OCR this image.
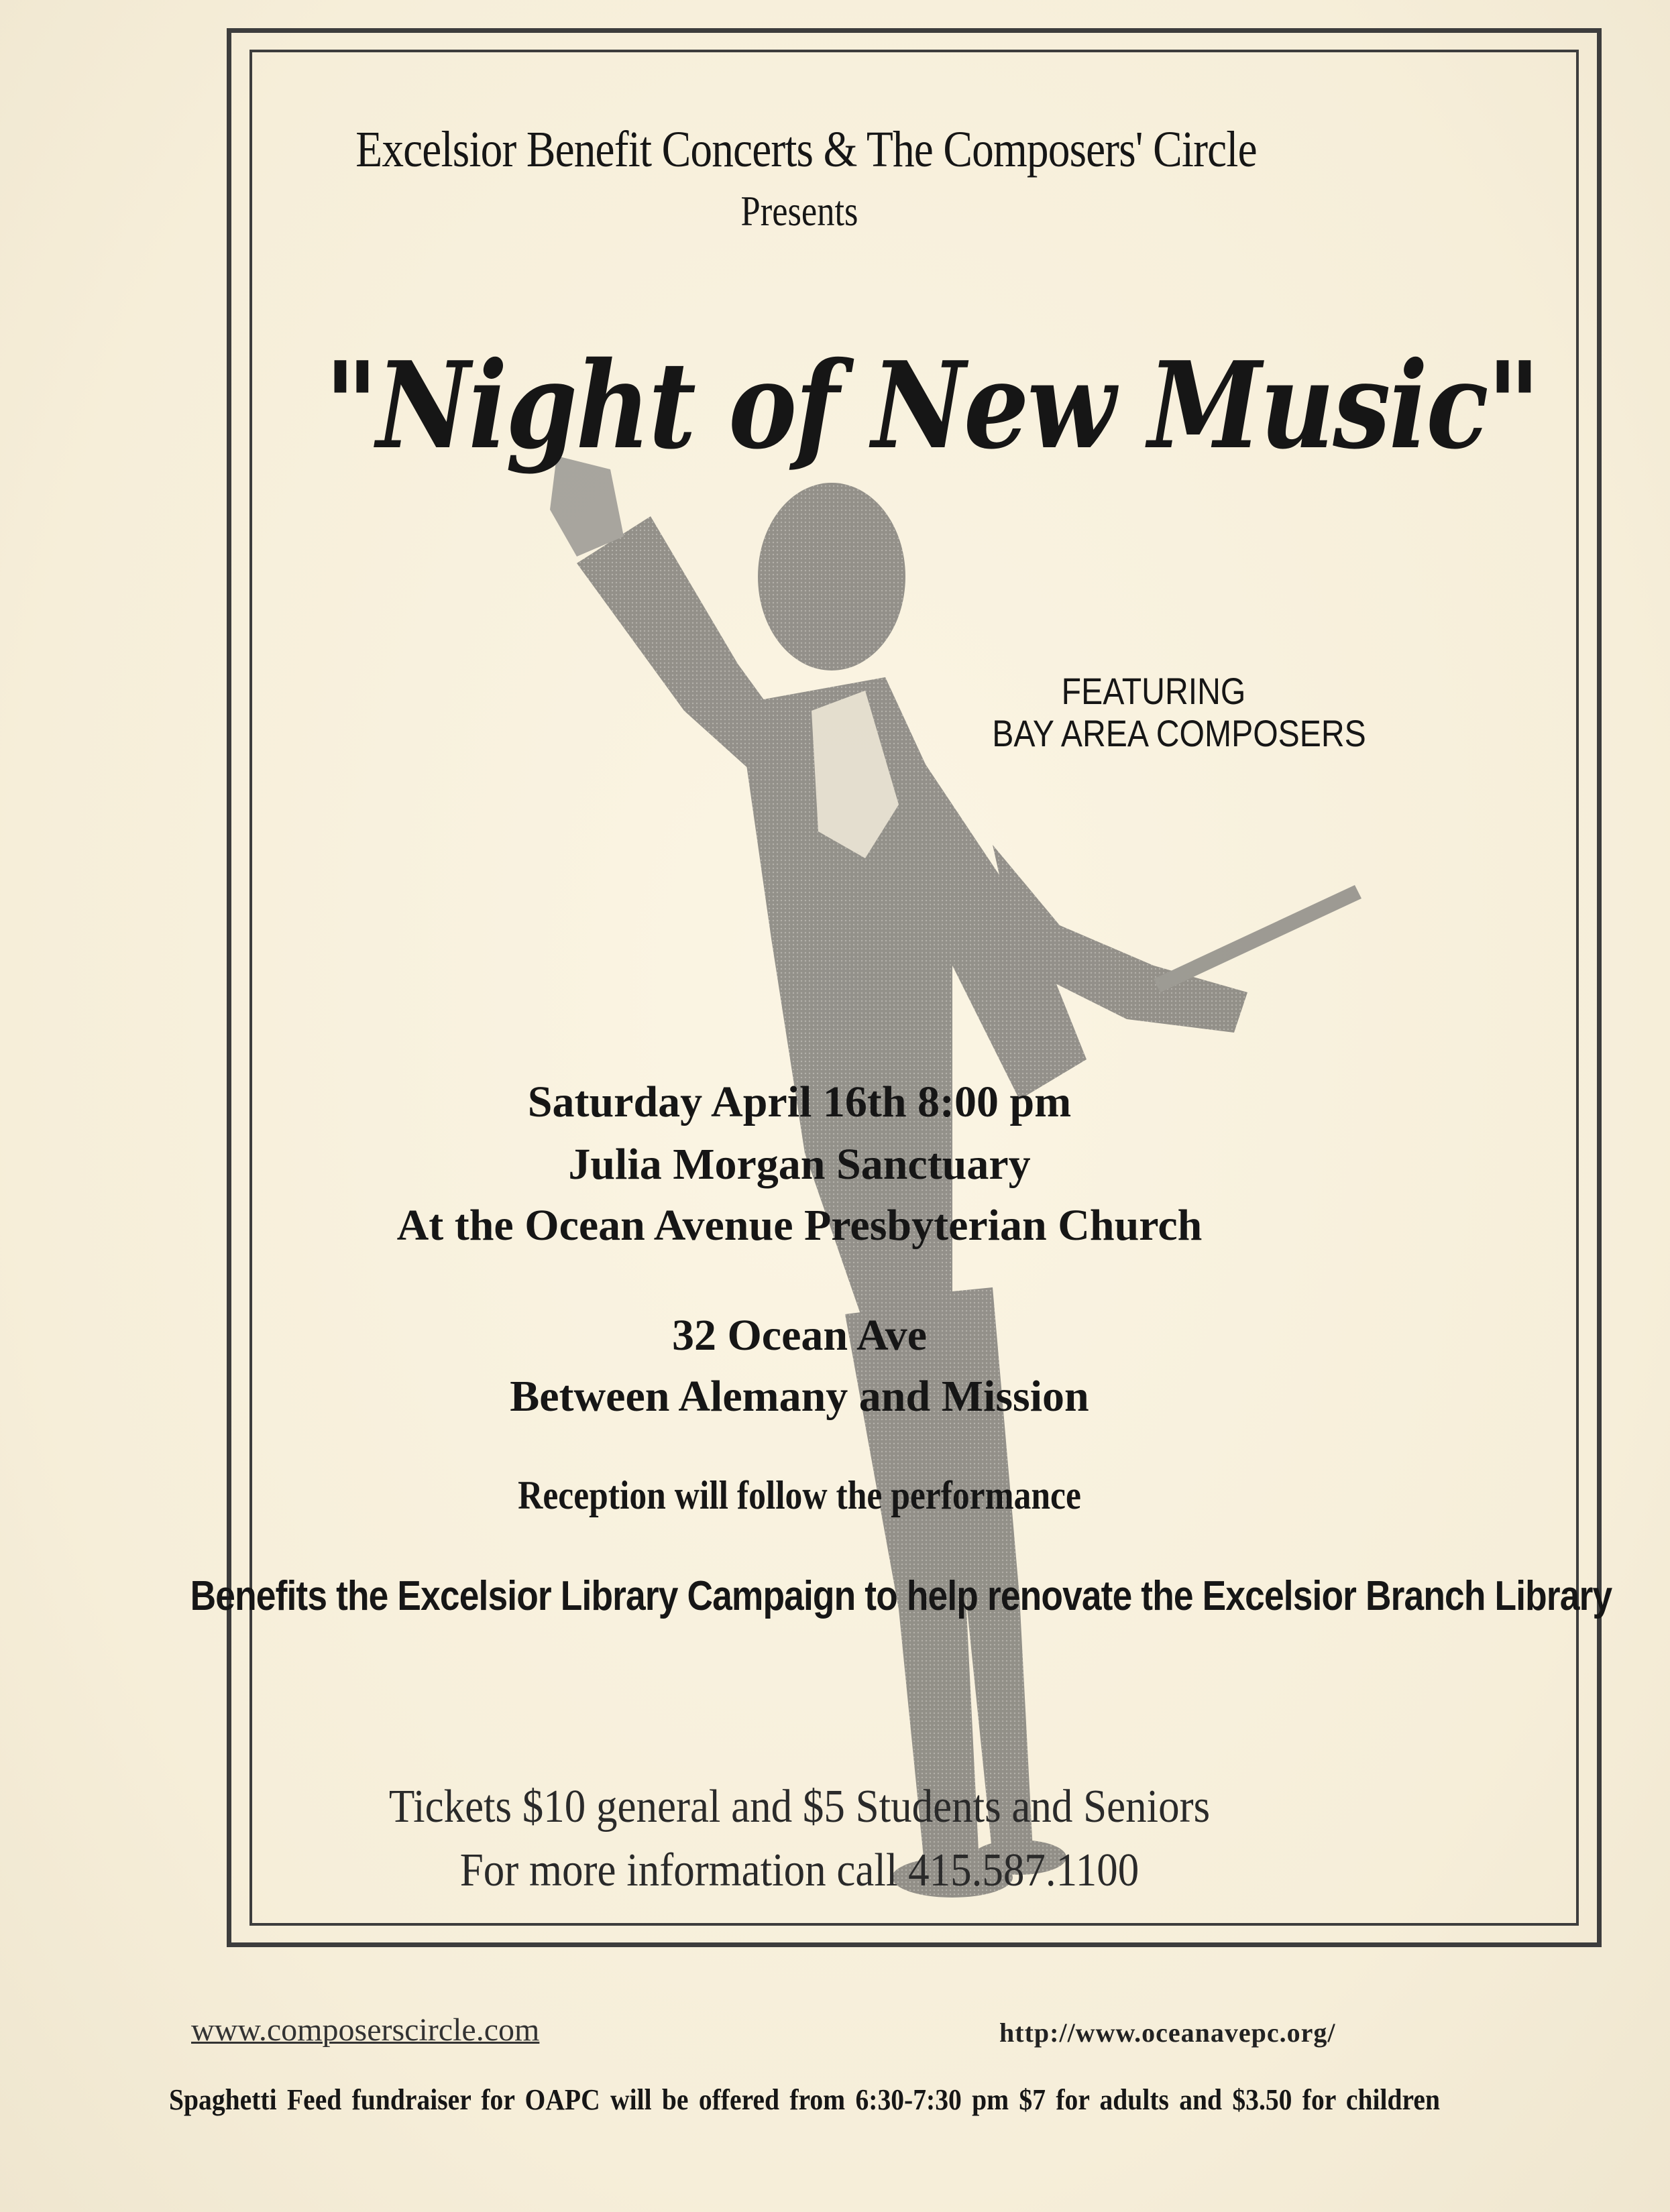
Excelsior Benefit Concerts & The Composers' Circle
Presents
"Night of New Music"
FEATURING
BAY AREA COMPOSERS
Saturday April 16th 8:00 pm
Julia Morgan Sanctuary
At the Ocean Avenue Presbyterian Church
32 Ocean Ave
Between Alemany and Mission
Reception will follow the performance
Benefits the Excelsior Library Campaign to help renovate the Excelsior Branch Library
Tickets $10 general and $5 Students and Seniors
For more information call 415.587.1100
www.composerscircle.com	http://www.oceanavepc.org/
Spaghetti Feed fundraiser for OAPC will be offered from 6:30-7:30 pm $7 for adults and $3.50 for children
